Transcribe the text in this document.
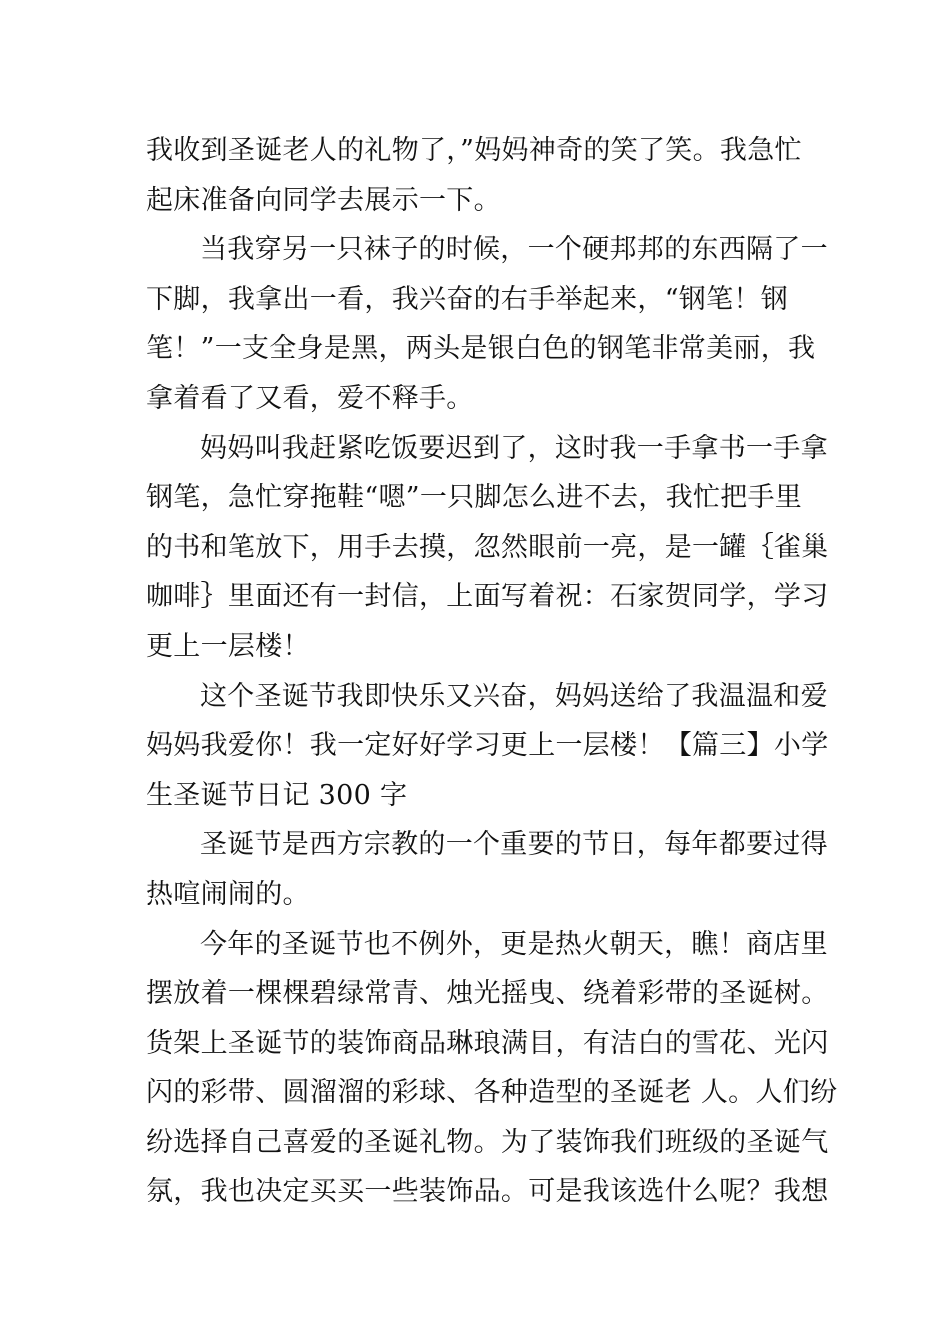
我收到圣诞老人的礼物了，”妈妈神奇的笑了笑。我急忙
起床准备向同学去展示一下。
当我穿另一只袜子的时候，一个硬邦邦的东西隔了一
下脚，我拿出一看，我兴奋的右手举起来，“钢笔！钢
笔！”一支全身是黑，两头是银白色的钢笔非常美丽，我
拿着看了又看，爱不释手。
妈妈叫我赶紧吃饭要迟到了，这时我一手拿书一手拿
钢笔，急忙穿拖鞋“嗯”一只脚怎么进不去，我忙把手里
的书和笔放下，用手去摸，忽然眼前一亮，是一罐｛雀巢
咖啡｝里面还有一封信，上面写着祝：石家贺同学，学习
更上一层楼！
这个圣诞节我即快乐又兴奋，妈妈送给了我温温和爱
妈妈我爱你！我一定好好学习更上一层楼！【篇三】小学
生圣诞节日记 300 字
圣诞节是西方宗教的一个重要的节日，每年都要过得
热喧闹闹的。
今年的圣诞节也不例外，更是热火朝天，瞧！商店里
摆放着一棵棵碧绿常青、烛光摇曳、绕着彩带的圣诞树。
货架上圣诞节的装饰商品琳琅满目，有洁白的雪花、光闪
闪的彩带、圆溜溜的彩球、各种造型的圣诞老 人。人们纷
纷选择自己喜爱的圣诞礼物。为了装饰我们班级的圣诞气
氛，我也决定买买一些装饰品。可是我该选什么呢？我想
